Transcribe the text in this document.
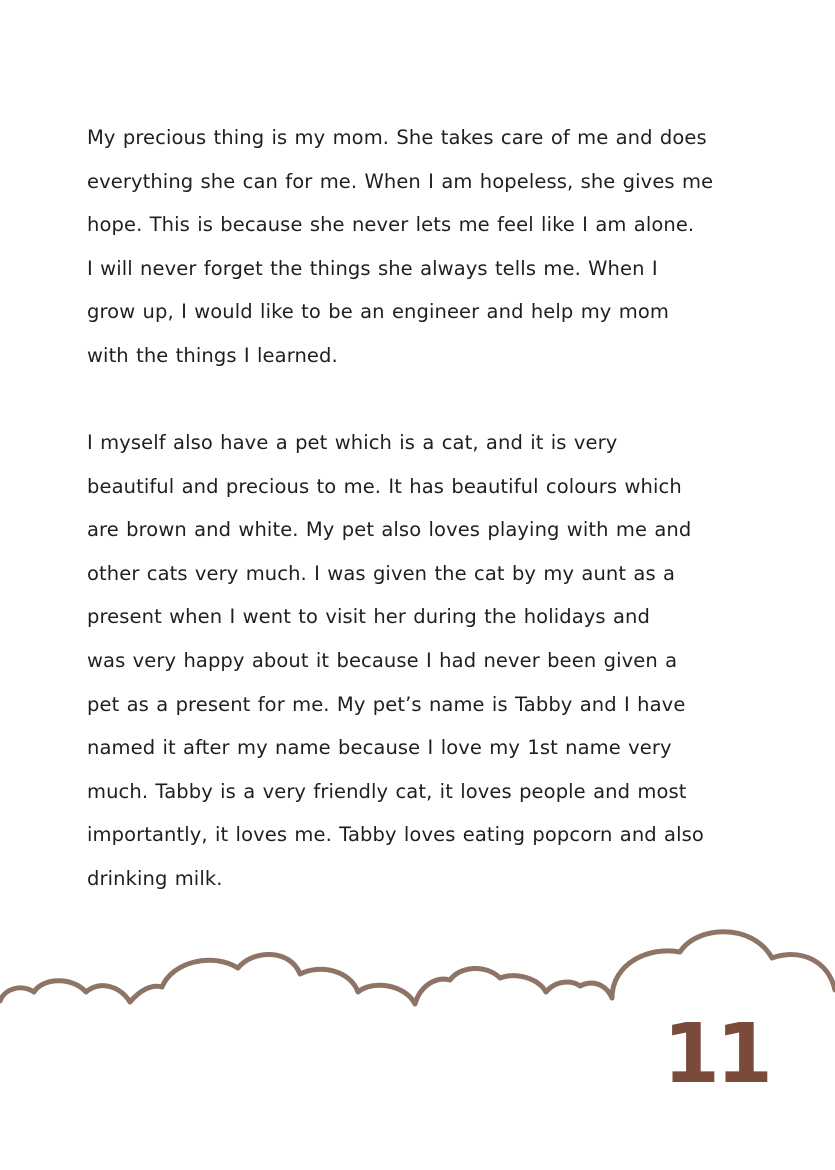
My precious thing is my mom. She takes care of me and does
everything she can for me. When I am hopeless, she gives me
hope. This is because she never lets me feel like I am alone.
I will never forget the things she always tells me. When I
grow up, I would like to be an engineer and help my mom
with the things I learned.
I myself also have a pet which is a cat, and it is very
beautiful and precious to me. It has beautiful colours which
are brown and white. My pet also loves playing with me and
other cats very much. I was given the cat by my aunt as a
present when I went to visit her during the holidays and
was very happy about it because I had never been given a
pet as a present for me. My pet’s name is Tabby and I have
named it after my name because I love my 1st name very
much. Tabby is a very friendly cat, it loves people and most
importantly, it loves me. Tabby loves eating popcorn and also
drinking milk.
11
